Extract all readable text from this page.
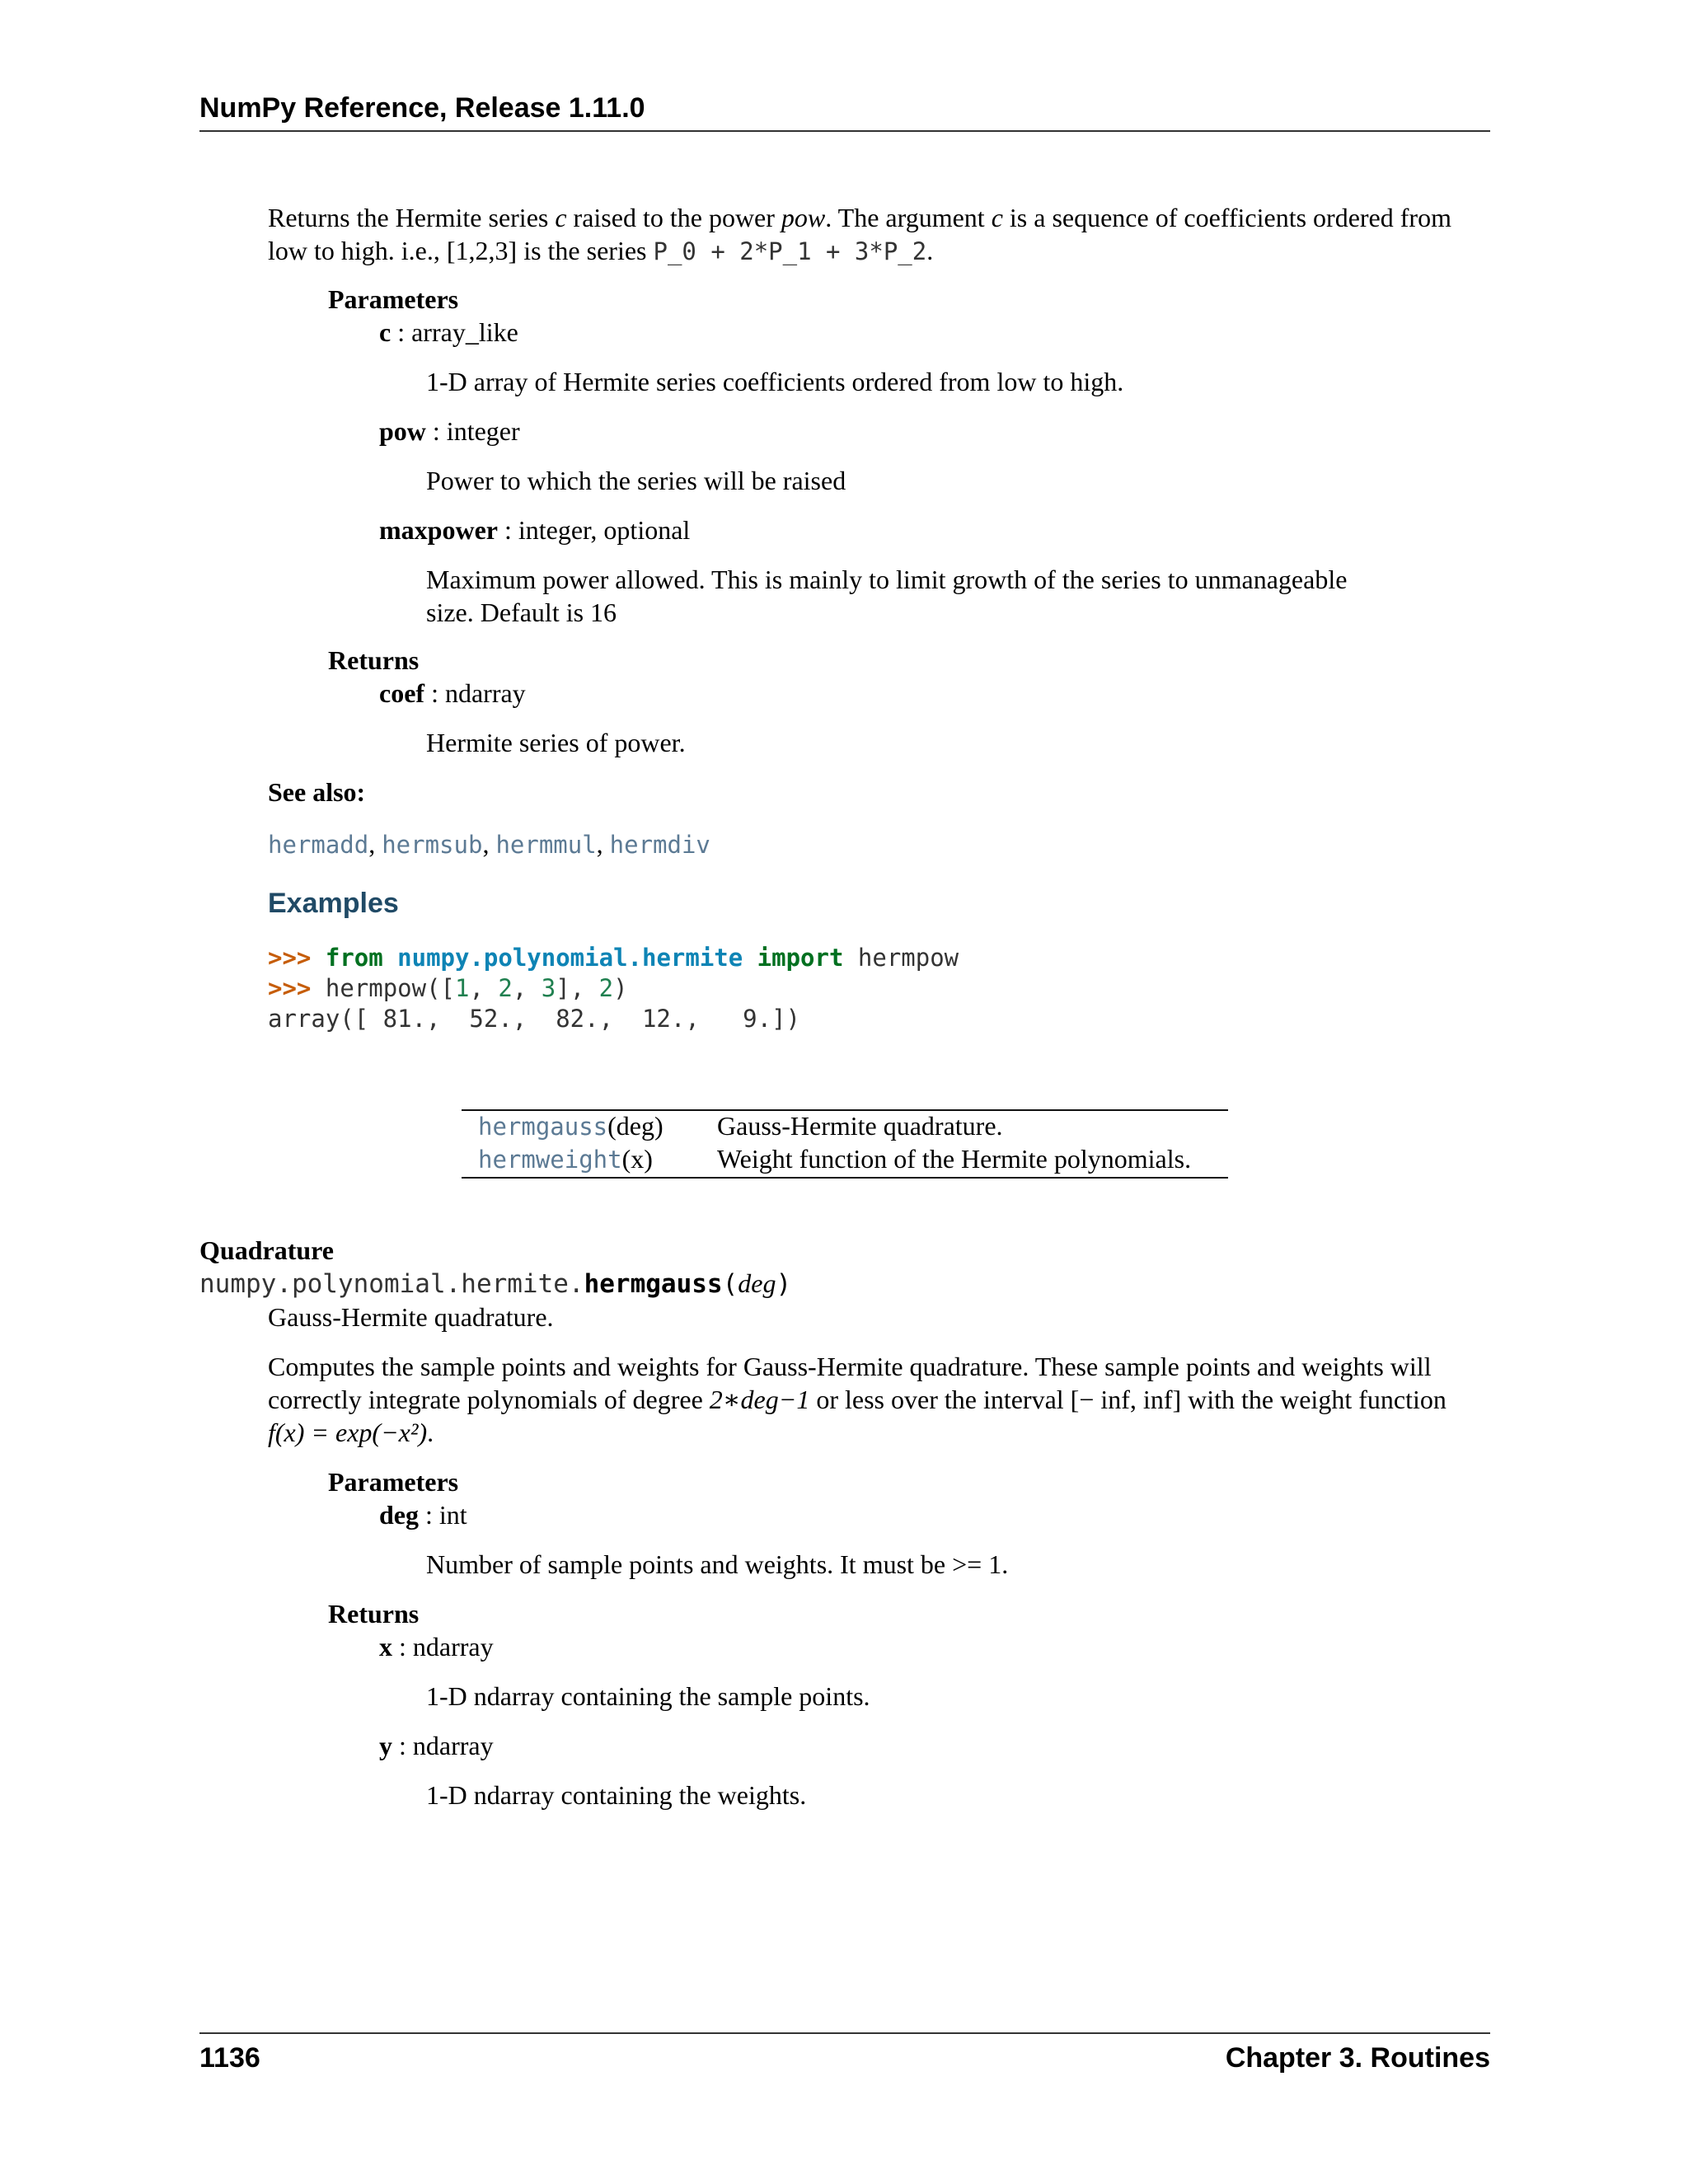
NumPy Reference, Release 1.11.0
Returns the Hermite series c raised to the power pow. The argument c is a sequence of coefficients ordered from
low to high. i.e., [1,2,3] is the series P_0 + 2*P_1 + 3*P_2.
Parameters
c : array_like
1-D array of Hermite series coefficients ordered from low to high.
pow : integer
Power to which the series will be raised
maxpower : integer, optional
Maximum power allowed. This is mainly to limit growth of the series to unmanageable
size. Default is 16
Returns
coef : ndarray
Hermite series of power.
See also:
hermadd, hermsub, hermmul, hermdiv
Examples
>>> from numpy.polynomial.hermite import hermpow
>>> hermpow([1, 2, 3], 2)
array([ 81.,  52.,  82.,  12.,   9.])
hermgauss(deg) Gauss-Hermite quadrature.
hermweight(x) Weight function of the Hermite polynomials.
Quadrature
numpy.polynomial.hermite.hermgauss(deg)
Gauss-Hermite quadrature.
Computes the sample points and weights for Gauss-Hermite quadrature. These sample points and weights will
correctly integrate polynomials of degree 2∗deg−1 or less over the interval [− inf, inf] with the weight function
f(x) = exp(−x²).
Parameters
deg : int
Number of sample points and weights. It must be >= 1.
Returns
x : ndarray
1-D ndarray containing the sample points.
y : ndarray
1-D ndarray containing the weights.
1136	Chapter 3. Routines
